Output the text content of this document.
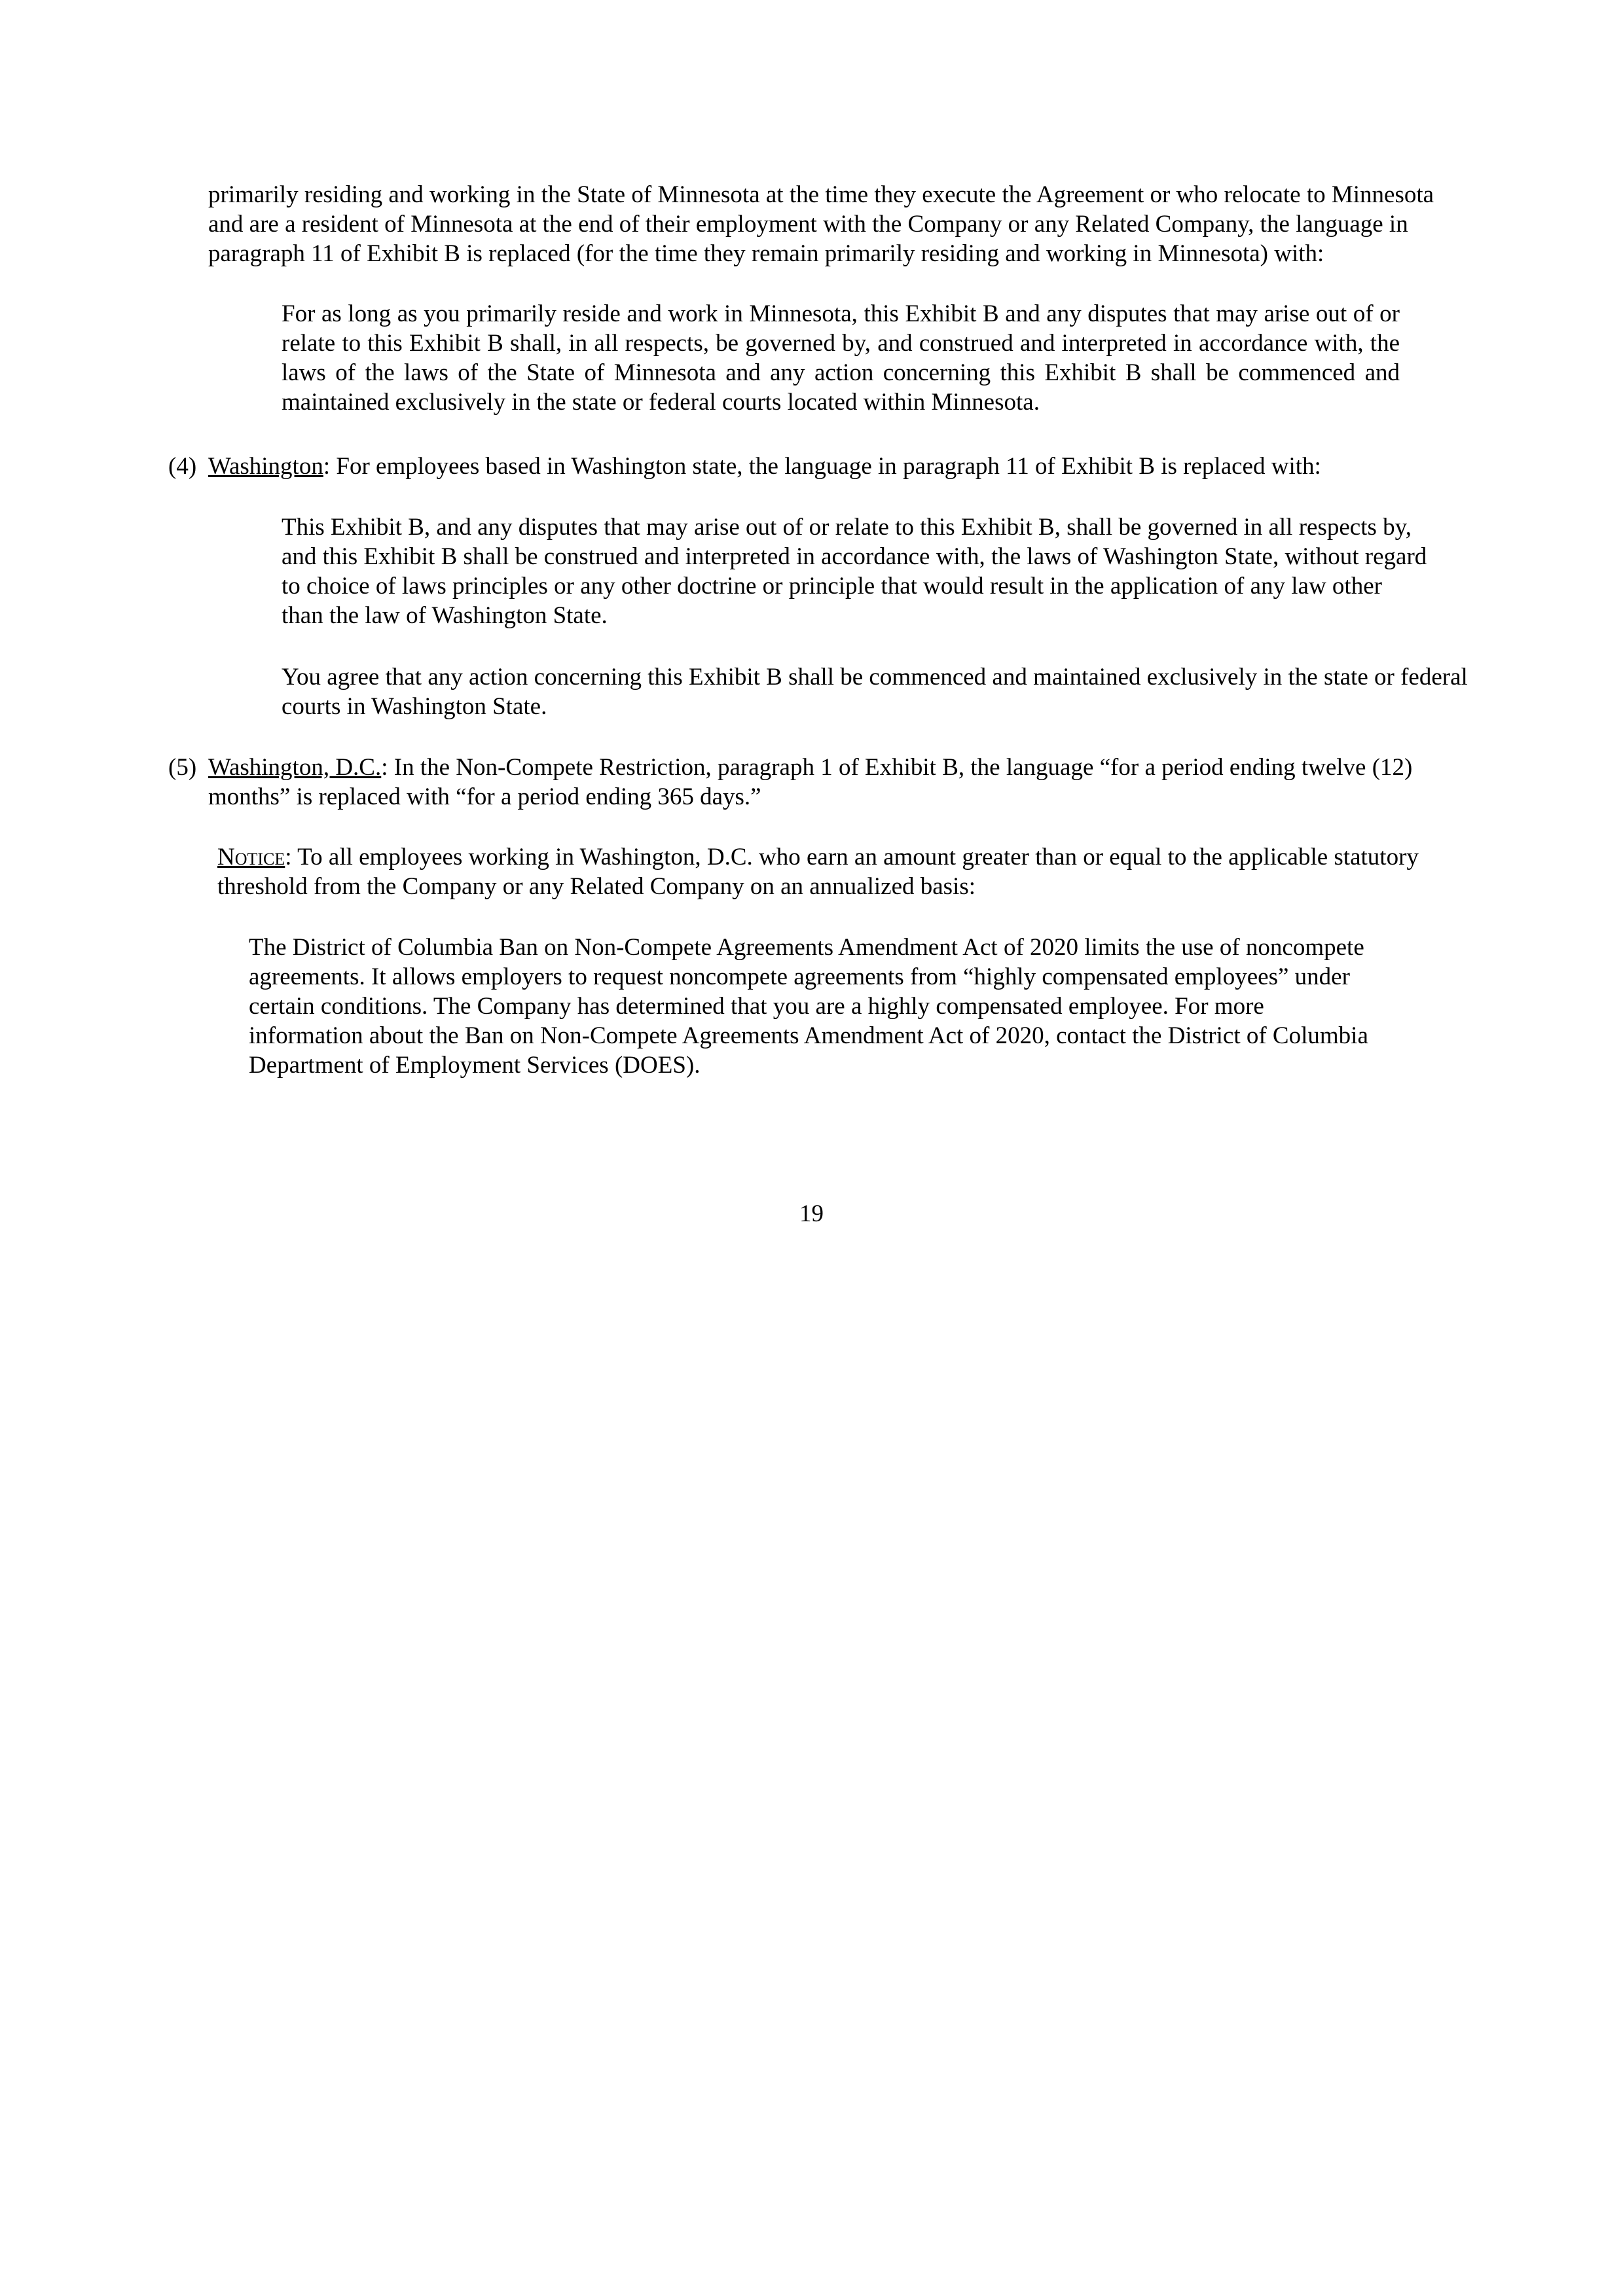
primarily residing and working in the State of Minnesota at the time they execute the Agreement or who relocate to Minnesota
and are a resident of Minnesota at the end of their employment with the Company or any Related Company, the language in
paragraph 11 of Exhibit B is replaced (for the time they remain primarily residing and working in Minnesota) with:
For as long as you primarily reside and work in Minnesota, this Exhibit B and any disputes that may arise out of or relate to this Exhibit B shall, in all respects, be governed by, and construed and interpreted in accordance with, the laws of the laws of the State of Minnesota and any action concerning this Exhibit B shall be commenced and maintained exclusively in the state or federal courts located within Minnesota.
(4) Washington: For employees based in Washington state, the language in paragraph 11 of Exhibit B is replaced with:
This Exhibit B, and any disputes that may arise out of or relate to this Exhibit B, shall be governed in all respects by,
and this Exhibit B shall be construed and interpreted in accordance with, the laws of Washington State, without regard
to choice of laws principles or any other doctrine or principle that would result in the application of any law other
than the law of Washington State.
You agree that any action concerning this Exhibit B shall be commenced and maintained exclusively in the state or federal
courts in Washington State.
(5) Washington, D.C.: In the Non-Compete Restriction, paragraph 1 of Exhibit B, the language “for a period ending twelve (12)
months” is replaced with “for a period ending 365 days.”
Notice: To all employees working in Washington, D.C. who earn an amount greater than or equal to the applicable statutory
threshold from the Company or any Related Company on an annualized basis:
The District of Columbia Ban on Non-Compete Agreements Amendment Act of 2020 limits the use of noncompete
agreements. It allows employers to request noncompete agreements from “highly compensated employees” under
certain conditions. The Company has determined that you are a highly compensated employee. For more
information about the Ban on Non-Compete Agreements Amendment Act of 2020, contact the District of Columbia
Department of Employment Services (DOES).
19
